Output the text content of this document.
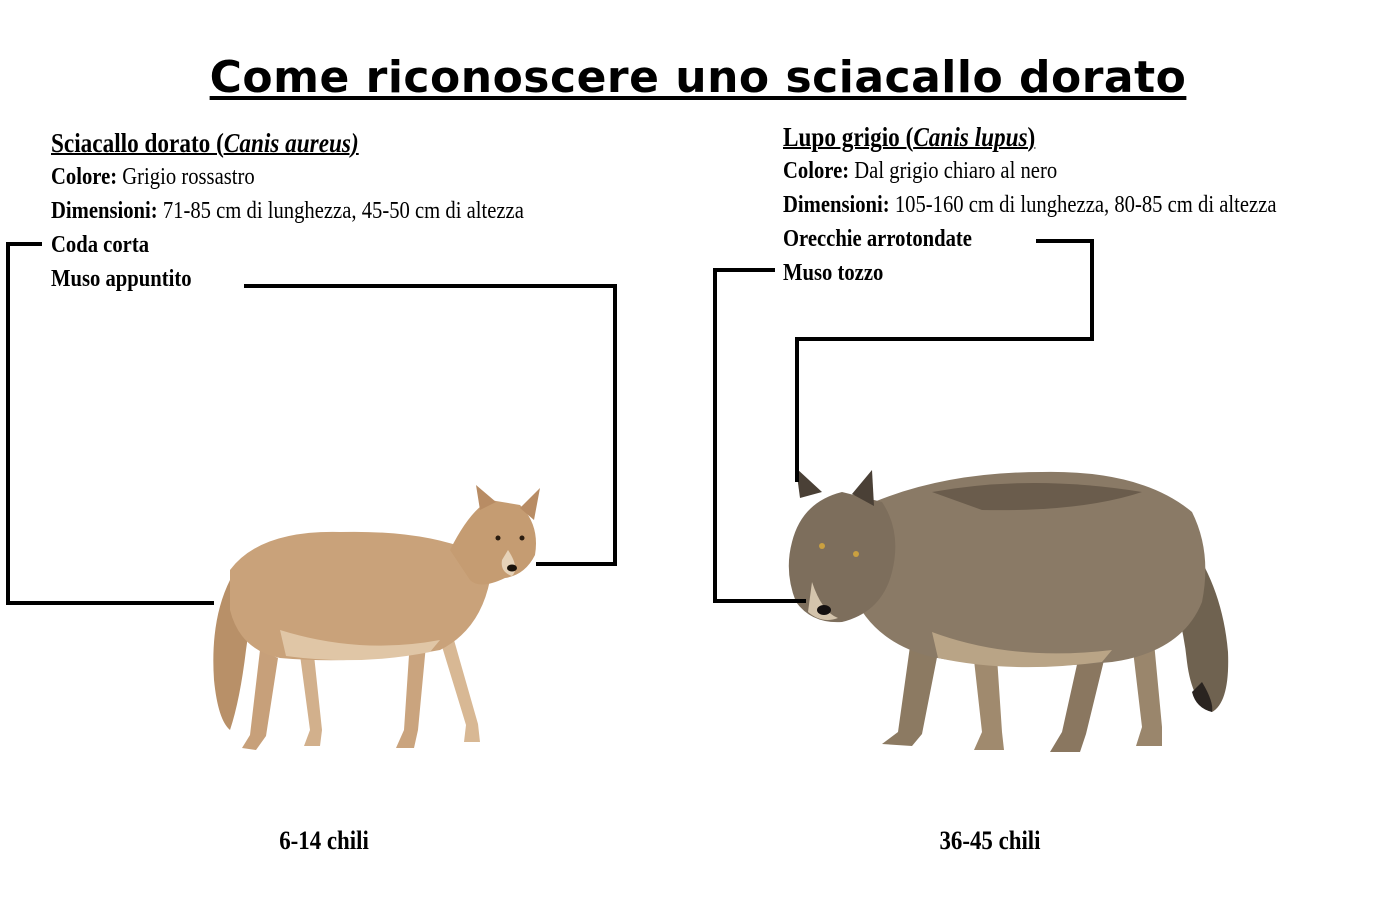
Come riconoscere uno sciacallo dorato
Sciacallo dorato (Canis aureus)
Colore: Grigio rossastro
Dimensioni: 71-85 cm di lunghezza, 45-50 cm di altezza
Coda corta
Muso appuntito
Lupo grigio (Canis lupus)
Colore: Dal grigio chiaro al nero
Dimensioni: 105-160 cm di lunghezza, 80-85 cm di altezza
Orecchie arrotondate
Muso tozzo
6-14 chili	36-45 chili
